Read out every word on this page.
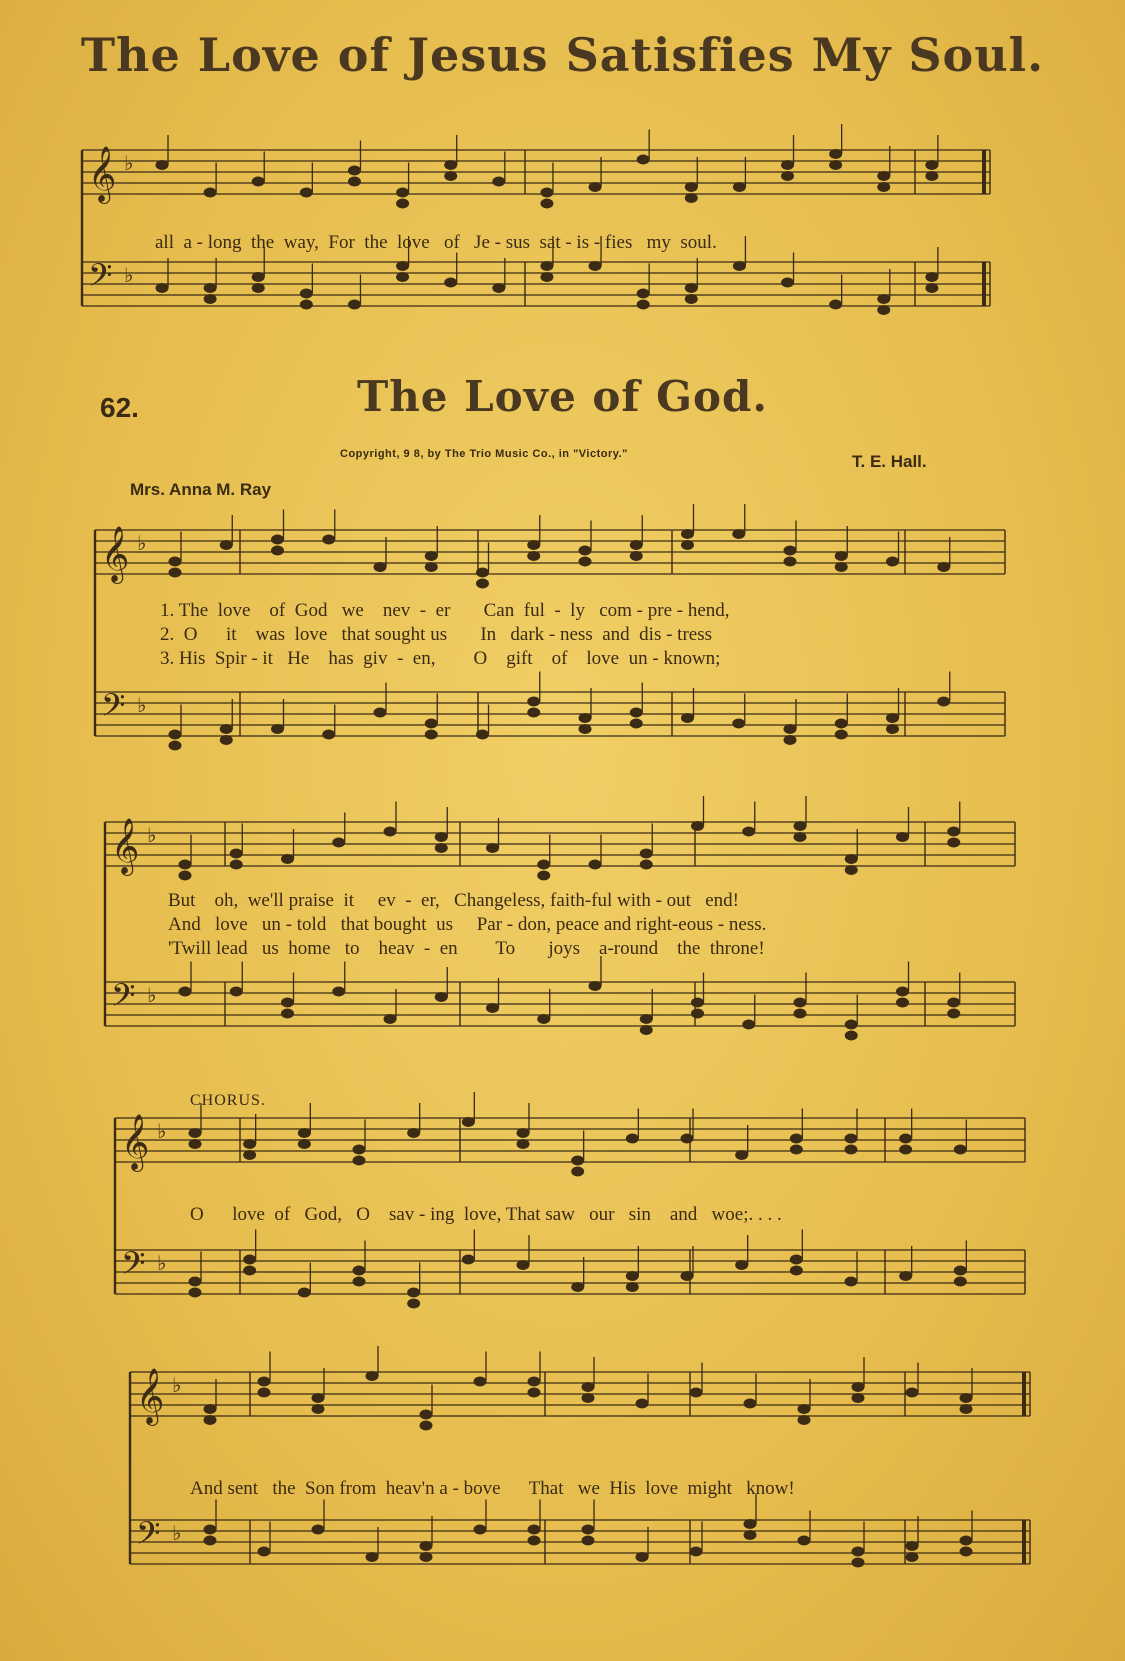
The Love of Jesus Satisfies My Soul.
62.	The Love of God.
Copyright, 9 8, by The Trio Music Co., in "Victory."	T. E. Hall.
Mrs. Anna M. Ray
𝄞 ♭
𝄢 ♭
𝄞 ♭
𝄢 ♭
𝄞 ♭
𝄢 ♭
𝄞 ♭
𝄢 ♭
𝄞 ♭
𝄢 ♭
all  a - long  the  way,  For  the  love   of   Je - sus  sat - is - fies   my  soul.
1. The  love    of  God   we    nev  -  er       Can  ful  -  ly   com - pre - hend,
2.  O      it    was  love   that sought us       In   dark - ness  and  dis - tress
3. His  Spir - it   He    has  giv  -  en,        O    gift    of    love  un - known;
But    oh,  we'll praise  it     ev  -  er,   Changeless, faith-ful with - out   end!
And   love   un - told   that bought  us     Par - don, peace and right-eous - ness.
'Twill lead   us  home   to    heav  -  en        To       joys    a-round    the  throne!
CHORUS.
O      love  of   God,   O    sav - ing  love, That saw   our   sin    and   woe;. . . .
And sent   the  Son from  heav'n a - bove      That   we  His  love  might   know!
